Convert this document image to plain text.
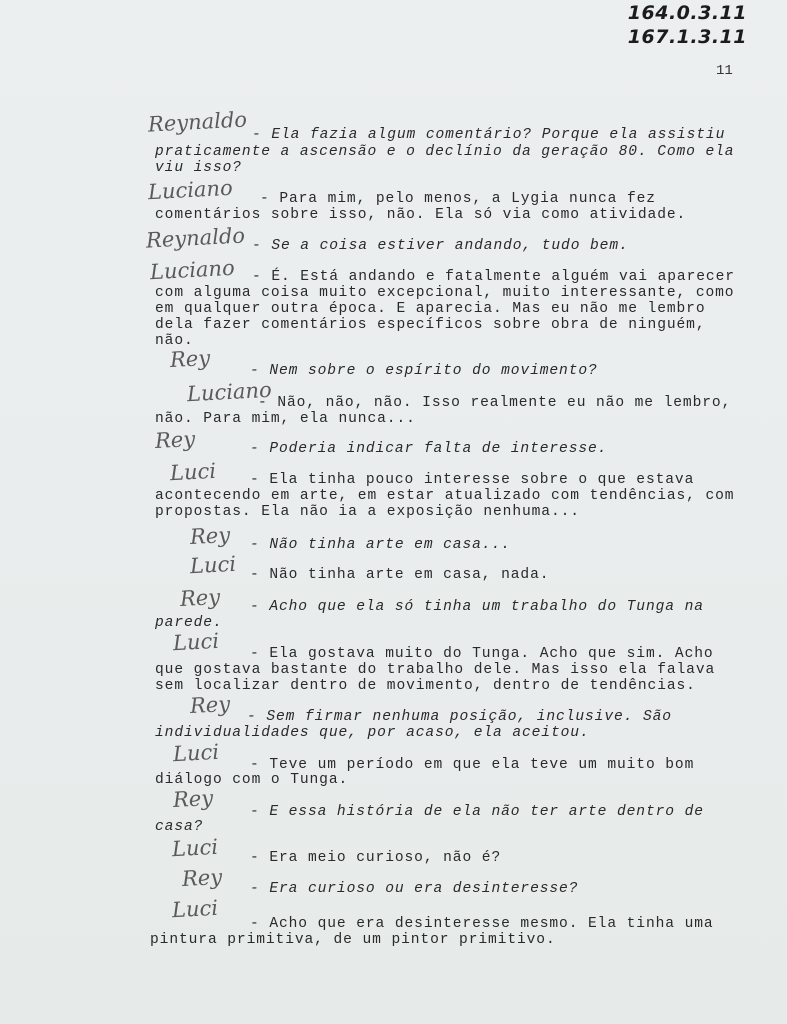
164.0.3.11
167.1.3.11
11
Reynaldo - Ela fazia algum comentário? Porque ela assistiu
praticamente a ascensão e o declínio da geração 80. Como ela
viu isso?
Luciano - Para mim, pelo menos, a Lygia nunca fez
comentários sobre isso, não. Ela só via como atividade.
Reynaldo - Se a coisa estiver andando, tudo bem.
Luciano - É. Está andando e fatalmente alguém vai aparecer
com alguma coisa muito excepcional, muito interessante, como
em qualquer outra época. E aparecia. Mas eu não me lembro
dela fazer comentários específicos sobre obra de ninguém,
não.
Rey	- Nem sobre o espírito do movimento?
Luciano
- Não, não, não. Isso realmente eu não me lembro,
não. Para mim, ela nunca...
Rey	- Poderia indicar falta de interesse.
Luci - Ela tinha pouco interesse sobre o que estava
acontecendo em arte, em estar atualizado com tendências, com
propostas. Ela não ia a exposição nenhuma...
Rey - Não tinha arte em casa...
Luci - Não tinha arte em casa, nada.
Rey - Acho que ela só tinha um trabalho do Tunga na
parede.
Luci - Ela gostava muito do Tunga. Acho que sim. Acho
que gostava bastante do trabalho dele. Mas isso ela falava
sem localizar dentro de movimento, dentro de tendências.
Rey - Sem firmar nenhuma posição, inclusive. São
individualidades que, por acaso, ela aceitou.
Luci - Teve um período em que ela teve um muito bom
diálogo com o Tunga.
Rey - E essa história de ela não ter arte dentro de
casa?
Luci - Era meio curioso, não é?
Rey - Era curioso ou era desinteresse?
Luci
- Acho que era desinteresse mesmo. Ela tinha uma
pintura primitiva, de um pintor primitivo.
